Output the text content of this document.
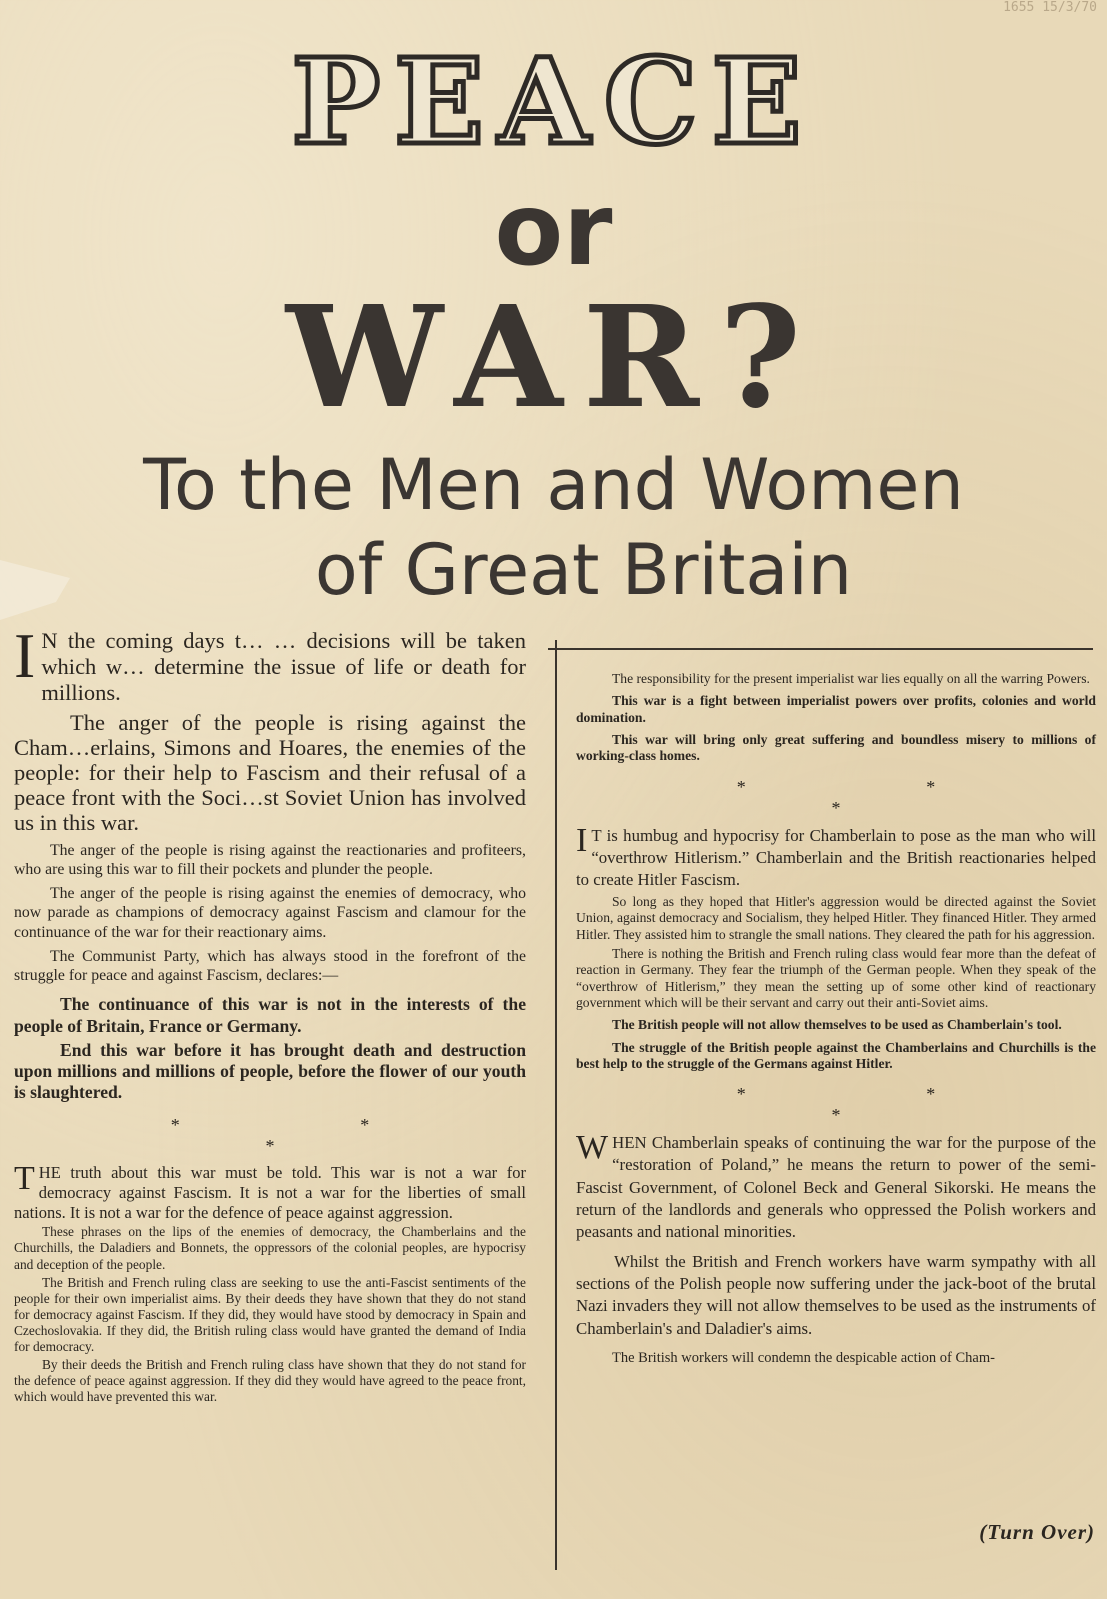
1655 15/3/70
PEACE
or
WAR?
To the Men and Women
of Great Britain

I N the coming days t… … decisions will be taken which w… determine the issue of life or death for millions.

The anger of the people is rising against the Cham…erlains, Simons and Hoares, the enemies of the people: for their help to Fascism and their refusal of a peace front with the Soci…st Soviet Union has involved us in this war.

The anger of the people is rising against the reactionaries and profiteers, who are using this war to fill their pockets and plunder the people.

The anger of the people is rising against the enemies of democracy, who now parade as champions of democracy against Fascism and clamour for the continuance of the war for their reactionary aims.

The Communist Party, which has always stood in the forefront of the struggle for peace and against Fascism, declares:—

The continuance of this war is not in the interests of the people of Britain, France or Germany.

End this war before it has brought death and destruction upon millions and millions of people, before the flower of our youth is slaughtered.

* * *

THE truth about this war must be told. This war is not a war for democracy against Fascism. It is not a war for the liberties of small nations. It is not a war for the defence of peace against aggression.

These phrases on the lips of the enemies of democracy, the Chamberlains and the Churchills, the Daladiers and Bonnets, the oppressors of the colonial peoples, are hypocrisy and deception of the people.

The British and French ruling class are seeking to use the anti-Fascist sentiments of the people for their own imperialist aims. By their deeds they have shown that they do not stand for democracy against Fascism. If they did, they would have stood by democracy in Spain and Czechoslovakia. If they did, the British ruling class would have granted the demand of India for democracy.

By their deeds the British and French ruling class have shown that they do not stand for the defence of peace against aggression. If they did they would have agreed to the peace front, which would have prevented this war.

The responsibility for the present imperialist war lies equally on all the warring Powers.

This war is a fight between imperialist powers over profits, colonies and world domination.

This war will bring only great suffering and boundless misery to millions of working-class homes.

* * *

I T is humbug and hypocrisy for Chamberlain to pose as the man who will “overthrow Hitlerism.” Chamberlain and the British reactionaries helped to create Hitler Fascism.

So long as they hoped that Hitler's aggression would be directed against the Soviet Union, against democracy and Socialism, they helped Hitler. They financed Hitler. They armed Hitler. They assisted him to strangle the small nations. They cleared the path for his aggression.

There is nothing the British and French ruling class would fear more than the defeat of reaction in Germany. They fear the triumph of the German people. When they speak of the “overthrow of Hitlerism,” they mean the setting up of some other kind of reactionary government which will be their servant and carry out their anti-Soviet aims.

The British people will not allow themselves to be used as Chamberlain's tool.

The struggle of the British people against the Chamberlains and Churchills is the best help to the struggle of the Germans against Hitler.

* * *

WHEN Chamberlain speaks of continuing the war for the purpose of the “restoration of Poland,” he means the return to power of the semi-Fascist Government, of Colonel Beck and General Sikorski. He means the return of the landlords and generals who oppressed the Polish workers and peasants and national minorities.

Whilst the British and French workers have warm sympathy with all sections of the Polish people now suffering under the jack-boot of the brutal Nazi invaders they will not allow themselves to be used as the instruments of Chamberlain's and Daladier's aims.

The British workers will condemn the despicable action of Cham-

(Turn Over)
